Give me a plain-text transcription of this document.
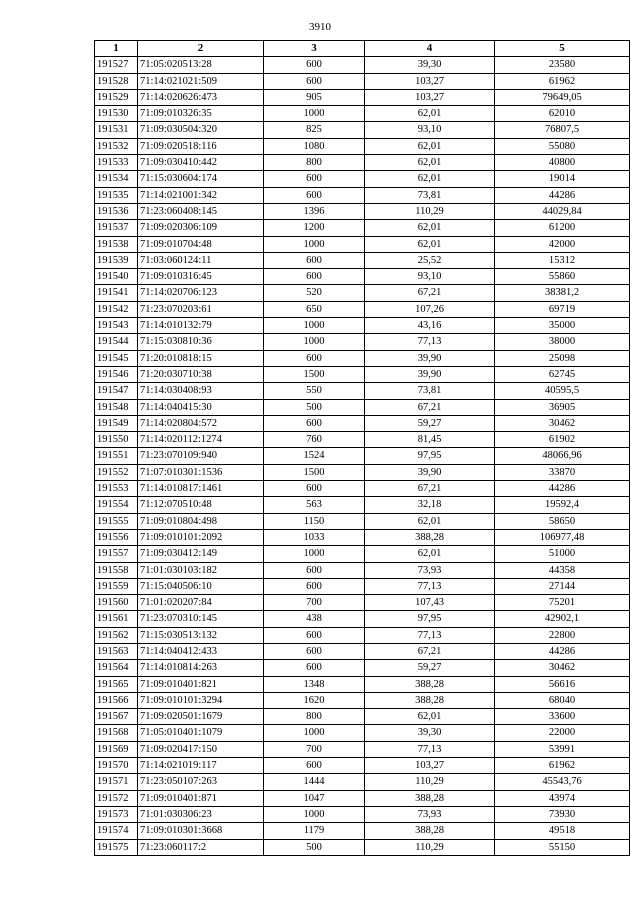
3910
1	2	3	4	5
191527	71:05:020513:28	600	39,30	23580
191528	71:14:021021:509	600	103,27	61962
191529	71:14:020626:473	905	103,27	79649,05
191530	71:09:010326:35	1000	62,01	62010
191531	71:09:030504:320	825	93,10	76807,5
191532	71:09:020518:116	1080	62,01	55080
191533	71:09:030410:442	800	62,01	40800
191534	71:15:030604:174	600	62,01	19014
191535	71:14:021001:342	600	73,81	44286
191536	71:23:060408:145	1396	110,29	44029,84
191537	71:09:020306:109	1200	62,01	61200
191538	71:09:010704:48	1000	62,01	42000
191539	71:03:060124:11	600	25,52	15312
191540	71:09:010316:45	600	93,10	55860
191541	71:14:020706:123	520	67,21	38381,2
191542	71:23:070203:61	650	107,26	69719
191543	71:14:010132:79	1000	43,16	35000
191544	71:15:030810:36	1000	77,13	38000
191545	71:20:010818:15	600	39,90	25098
191546	71:20:030710:38	1500	39,90	62745
191547	71:14:030408:93	550	73,81	40595,5
191548	71:14:040415:30	500	67,21	36905
191549	71:14:020804:572	600	59,27	30462
191550	71:14:020112:1274	760	81,45	61902
191551	71:23:070109:940	1524	97,95	48066,96
191552	71:07:010301:1536	1500	39,90	33870
191553	71:14:010817:1461	600	67,21	44286
191554	71:12:070510:48	563	32,18	19592,4
191555	71:09:010804:498	1150	62,01	58650
191556	71:09:010101:2092	1033	388,28	106977,48
191557	71:09:030412:149	1000	62,01	51000
191558	71:01:030103:182	600	73,93	44358
191559	71:15:040506:10	600	77,13	27144
191560	71:01:020207:84	700	107,43	75201
191561	71:23:070310:145	438	97,95	42902,1
191562	71:15:030513:132	600	77,13	22800
191563	71:14:040412:433	600	67,21	44286
191564	71:14:010814:263	600	59,27	30462
191565	71:09:010401:821	1348	388,28	56616
191566	71:09:010101:3294	1620	388,28	68040
191567	71:09:020501:1679	800	62,01	33600
191568	71:05:010401:1079	1000	39,30	22000
191569	71:09:020417:150	700	77,13	53991
191570	71:14:021019:117	600	103,27	61962
191571	71:23:050107:263	1444	110,29	45543,76
191572	71:09:010401:871	1047	388,28	43974
191573	71:01:030306:23	1000	73,93	73930
191574	71:09:010301:3668	1179	388,28	49518
191575	71:23:060117:2	500	110,29	55150
